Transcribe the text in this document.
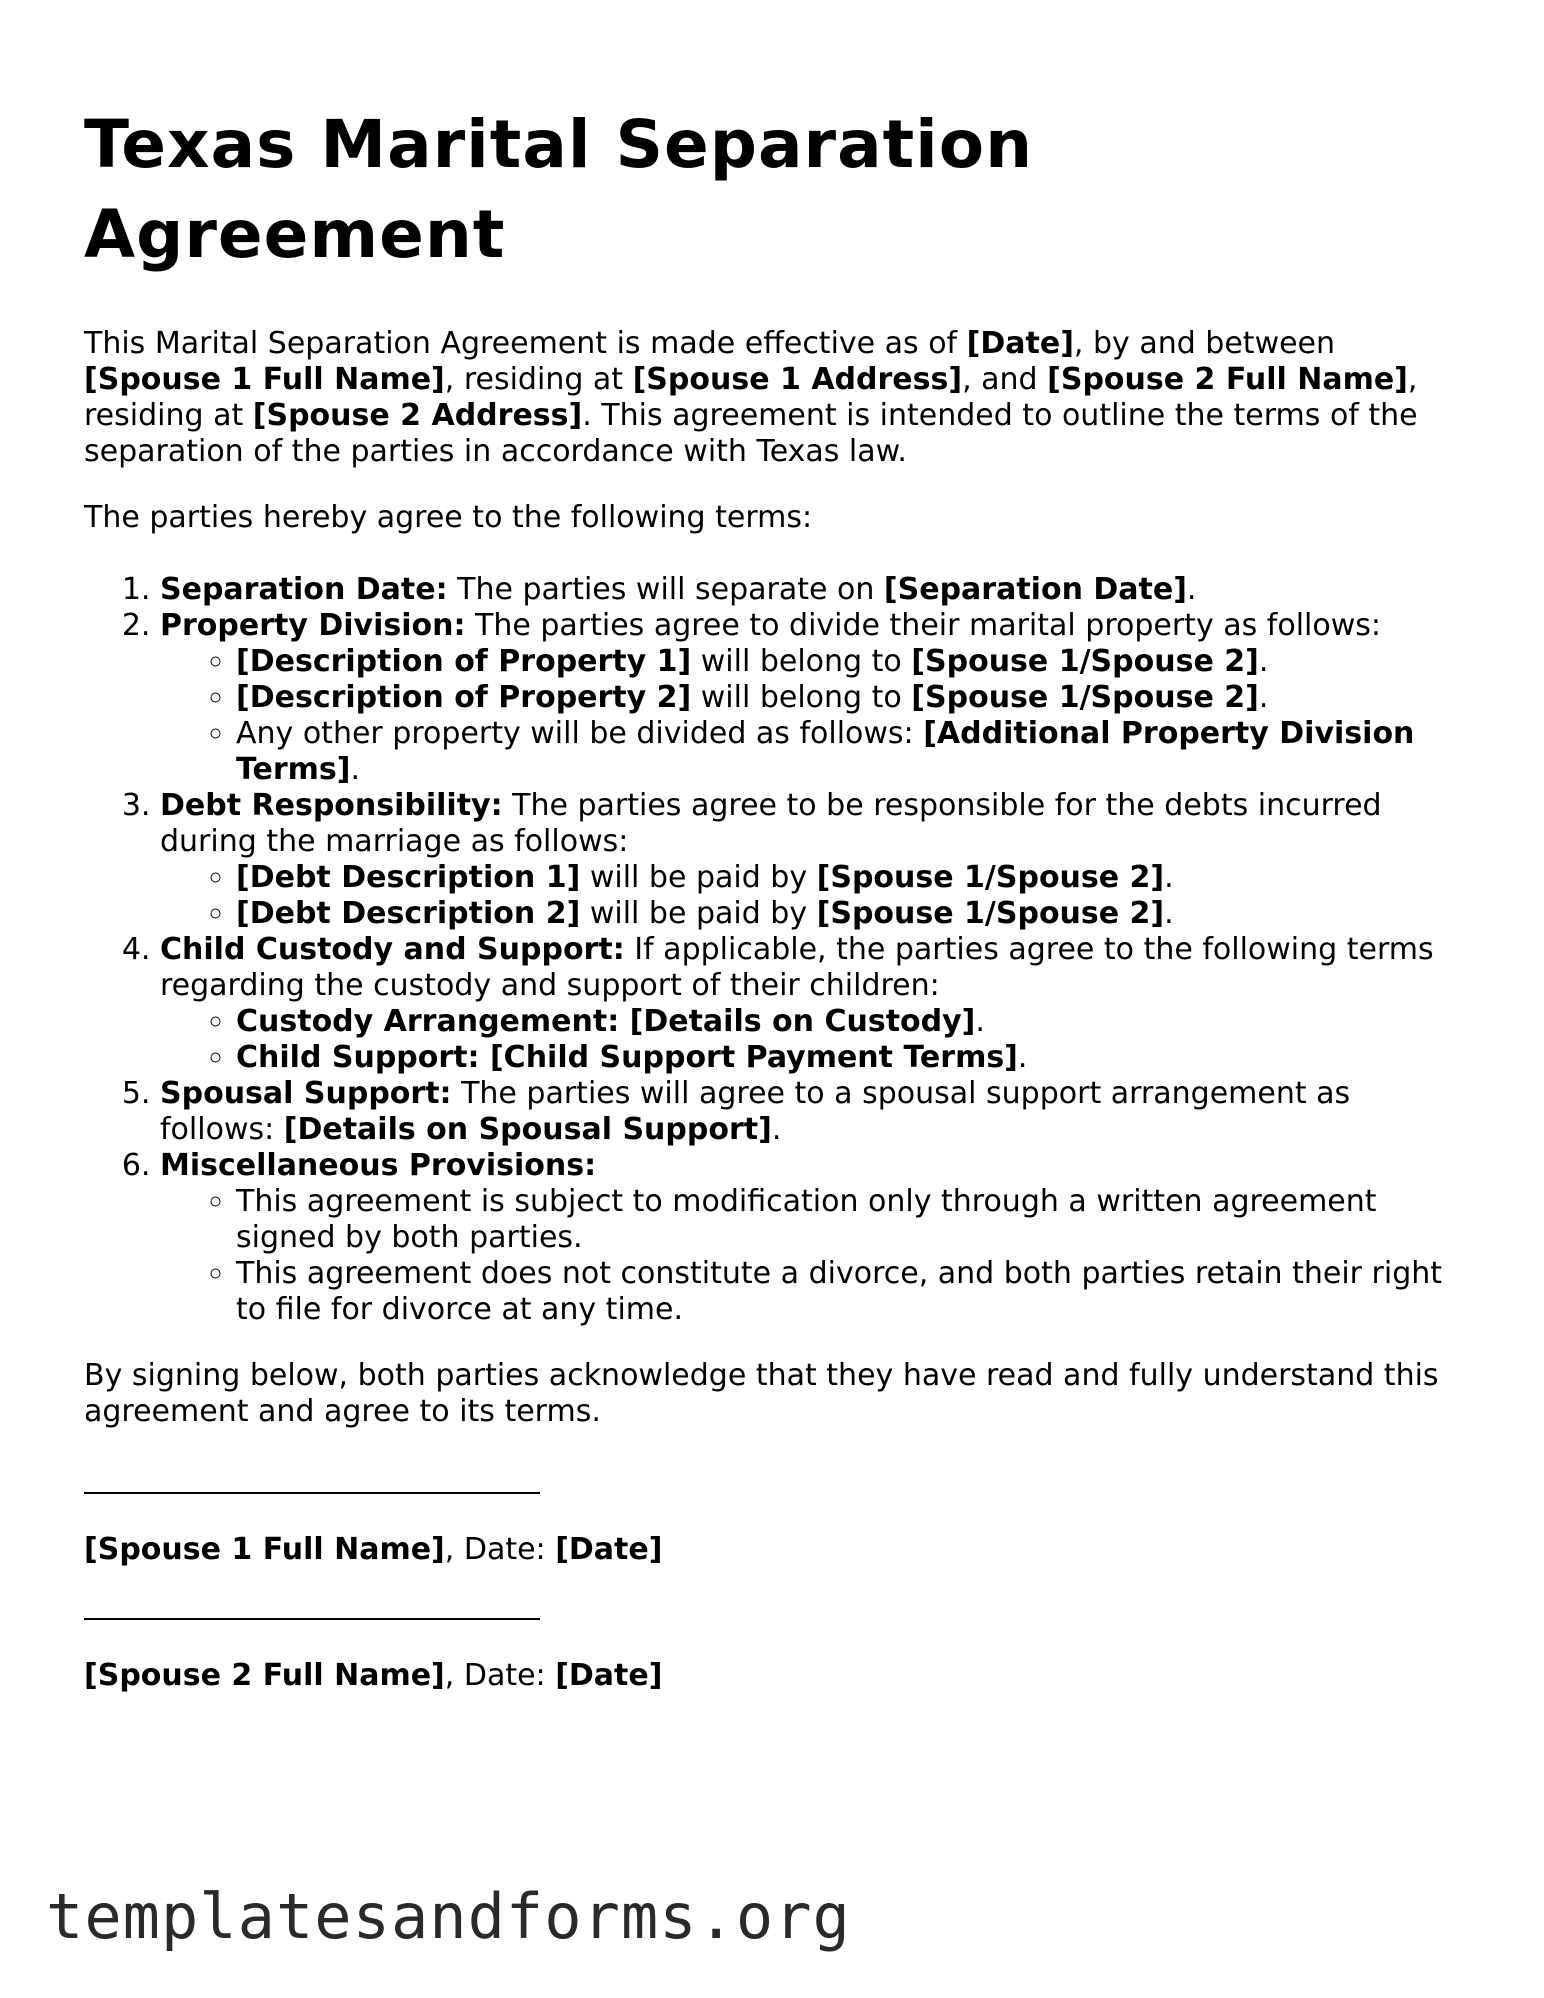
Texas Marital Separation Agreement

This Marital Separation Agreement is made effective as of [Date], by and between [Spouse 1 Full Name], residing at [Spouse 1 Address], and [Spouse 2 Full Name], residing at [Spouse 2 Address]. This agreement is intended to outline the terms of the separation of the parties in accordance with Texas law.

The parties hereby agree to the following terms:

1. Separation Date: The parties will separate on [Separation Date].
2. Property Division: The parties agree to divide their marital property as follows:
◦ [Description of Property 1] will belong to [Spouse 1/Spouse 2].
◦ [Description of Property 2] will belong to [Spouse 1/Spouse 2].
◦ Any other property will be divided as follows: [Additional Property Division Terms].
3. Debt Responsibility: The parties agree to be responsible for the debts incurred during the marriage as follows:
◦ [Debt Description 1] will be paid by [Spouse 1/Spouse 2].
◦ [Debt Description 2] will be paid by [Spouse 1/Spouse 2].
4. Child Custody and Support: If applicable, the parties agree to the following terms regarding the custody and support of their children:
◦ Custody Arrangement: [Details on Custody].
◦ Child Support: [Child Support Payment Terms].
5. Spousal Support: The parties will agree to a spousal support arrangement as follows: [Details on Spousal Support].
6. Miscellaneous Provisions:
◦ This agreement is subject to modification only through a written agreement signed by both parties.
◦ This agreement does not constitute a divorce, and both parties retain their right to file for divorce at any time.

By signing below, both parties acknowledge that they have read and fully understand this agreement and agree to its terms.

[Spouse 1 Full Name], Date: [Date]
[Spouse 2 Full Name], Date: [Date]
templatesandforms.org
